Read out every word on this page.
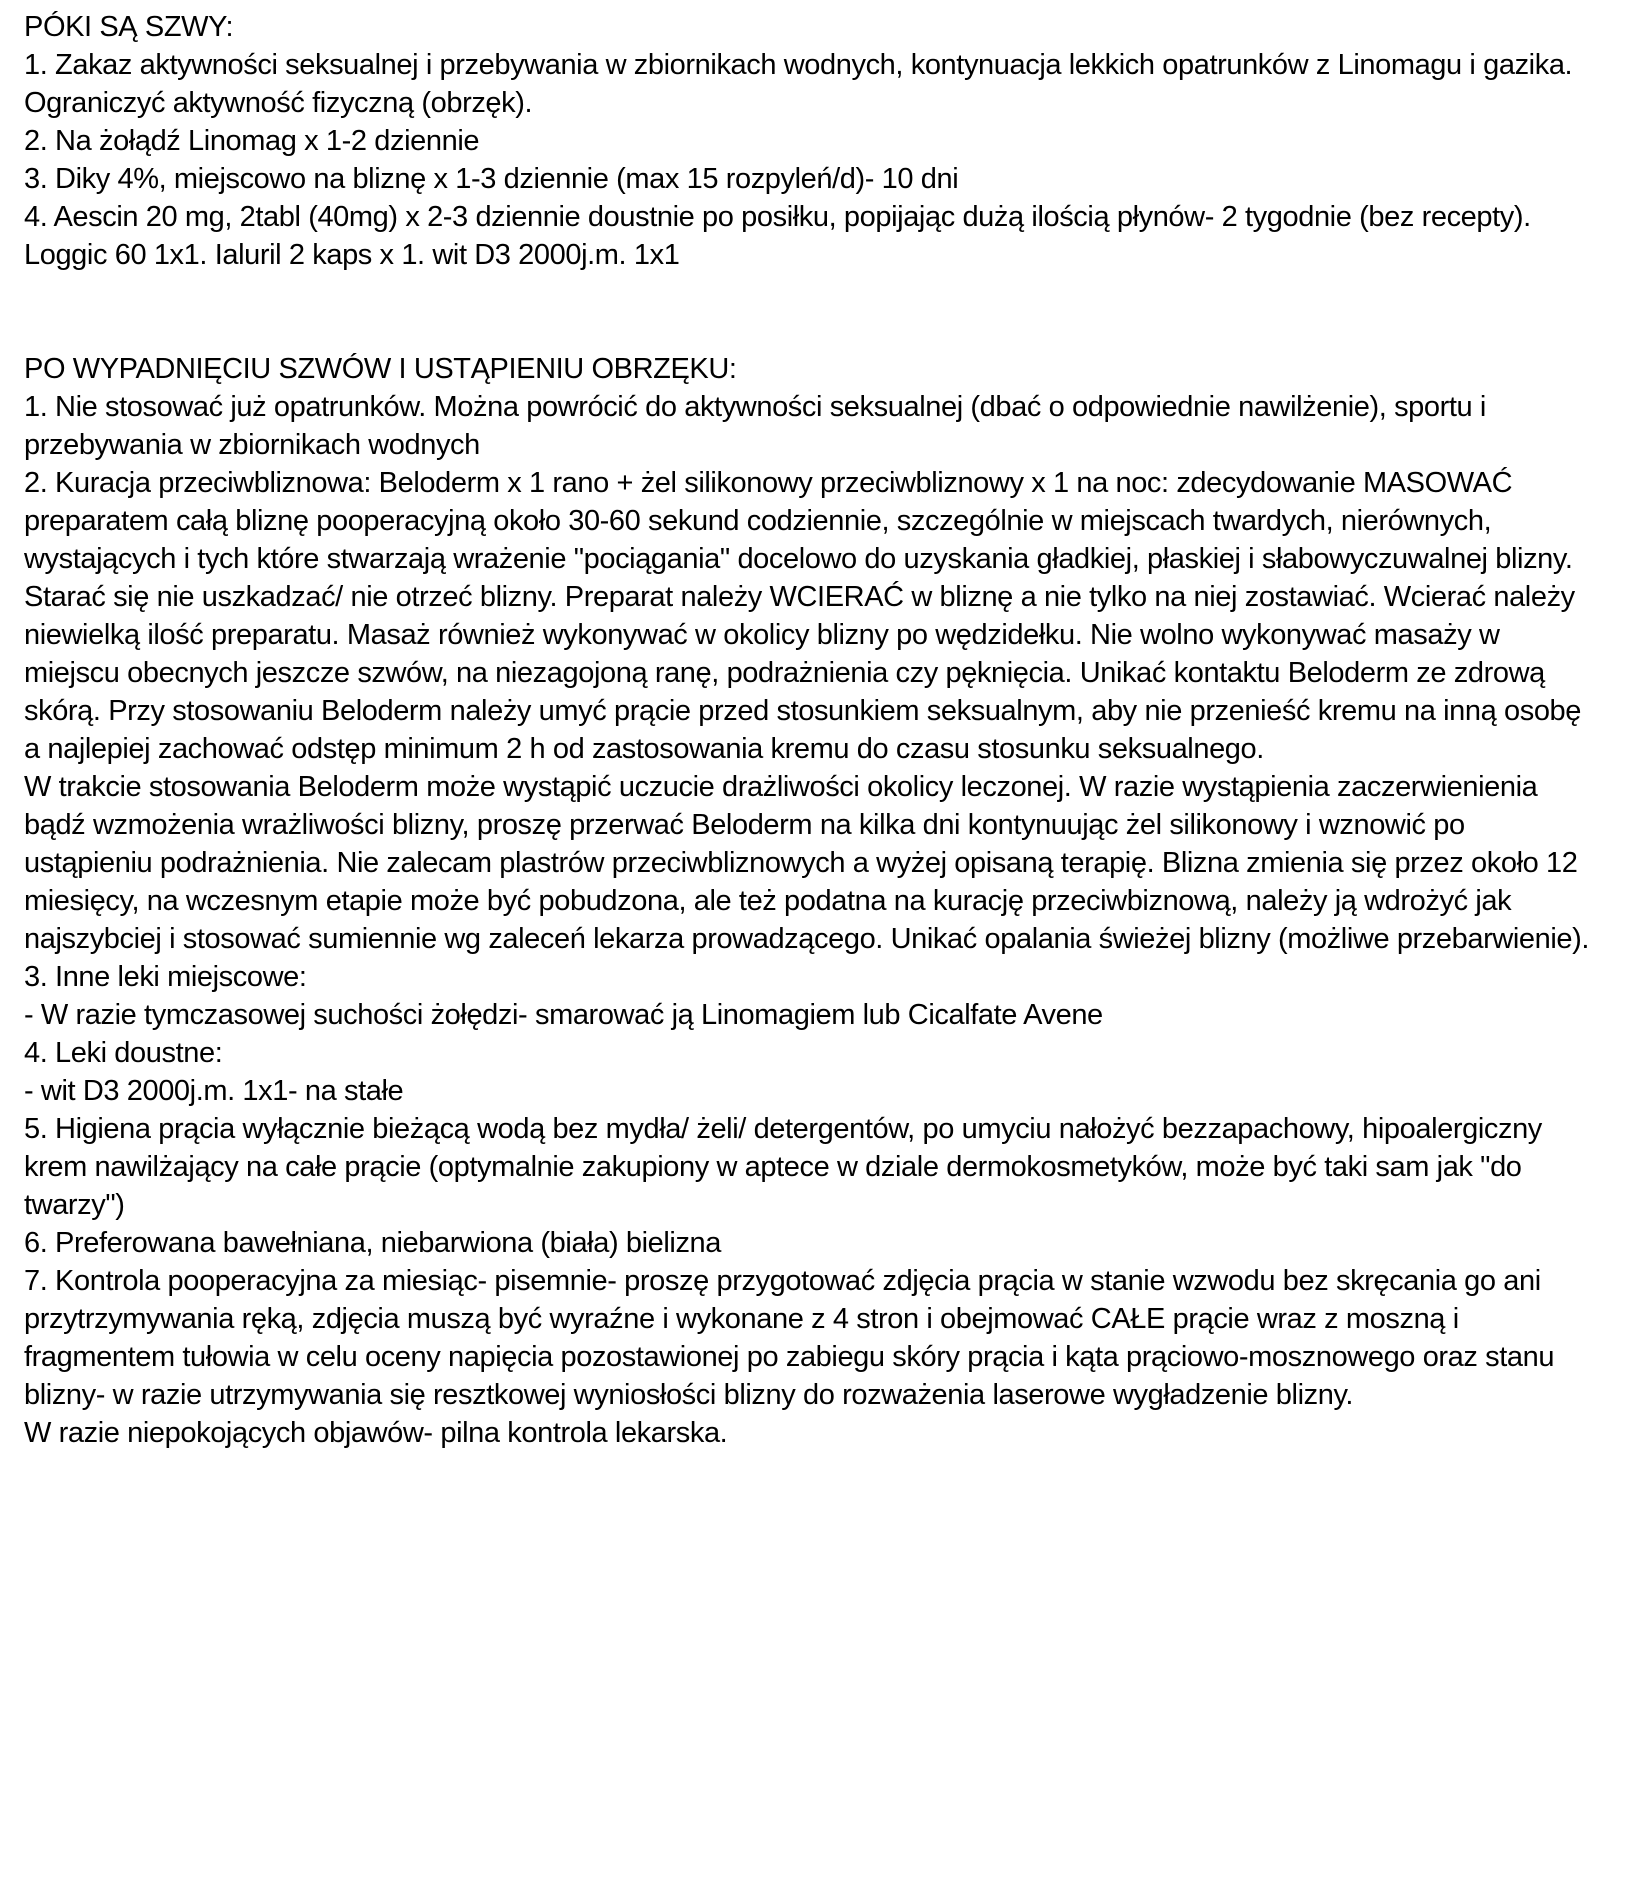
PÓKI SĄ SZWY:
1. Zakaz aktywności seksualnej i przebywania w zbiornikach wodnych, kontynuacja lekkich opatrunków z Linomagu i gazika.
Ograniczyć aktywność fizyczną (obrzęk).
2. Na żołądź Linomag x 1-2 dziennie
3. Diky 4%, miejscowo na bliznę x 1-3 dziennie (max 15 rozpyleń/d)- 10 dni
4. Aescin 20 mg, 2tabl (40mg) x 2-3 dziennie doustnie po posiłku, popijając dużą ilością płynów- 2 tygodnie (bez recepty).
Loggic 60 1x1. Ialuril 2 kaps x 1. wit D3 2000j.m. 1x1
PO WYPADNIĘCIU SZWÓW I USTĄPIENIU OBRZĘKU:
1. Nie stosować już opatrunków. Można powrócić do aktywności seksualnej (dbać o odpowiednie nawilżenie), sportu i
przebywania w zbiornikach wodnych
2. Kuracja przeciwbliznowa: Beloderm x 1 rano + żel silikonowy przeciwbliznowy x 1 na noc: zdecydowanie MASOWAĆ
preparatem całą bliznę pooperacyjną około 30-60 sekund codziennie, szczególnie w miejscach twardych, nierównych,
wystających i tych które stwarzają wrażenie "pociągania" docelowo do uzyskania gładkiej, płaskiej i słabowyczuwalnej blizny.
Starać się nie uszkadzać/ nie otrzeć blizny. Preparat należy WCIERAĆ w bliznę a nie tylko na niej zostawiać. Wcierać należy
niewielką ilość preparatu. Masaż również wykonywać w okolicy blizny po wędzidełku. Nie wolno wykonywać masaży w
miejscu obecnych jeszcze szwów, na niezagojoną ranę, podrażnienia czy pęknięcia. Unikać kontaktu Beloderm ze zdrową
skórą. Przy stosowaniu Beloderm należy umyć prącie przed stosunkiem seksualnym, aby nie przenieść kremu na inną osobę
a najlepiej zachować odstęp minimum 2 h od zastosowania kremu do czasu stosunku seksualnego.
W trakcie stosowania Beloderm może wystąpić uczucie drażliwości okolicy leczonej. W razie wystąpienia zaczerwienienia
bądź wzmożenia wrażliwości blizny, proszę przerwać Beloderm na kilka dni kontynuując żel silikonowy i wznowić po
ustąpieniu podrażnienia. Nie zalecam plastrów przeciwbliznowych a wyżej opisaną terapię. Blizna zmienia się przez około 12
miesięcy, na wczesnym etapie może być pobudzona, ale też podatna na kurację przeciwbiznową, należy ją wdrożyć jak
najszybciej i stosować sumiennie wg zaleceń lekarza prowadzącego. Unikać opalania świeżej blizny (możliwe przebarwienie).
3. Inne leki miejscowe:
- W razie tymczasowej suchości żołędzi- smarować ją Linomagiem lub Cicalfate Avene
4. Leki doustne:
- wit D3 2000j.m. 1x1- na stałe
5. Higiena prącia wyłącznie bieżącą wodą bez mydła/ żeli/ detergentów, po umyciu nałożyć bezzapachowy, hipoalergiczny
krem nawilżający na całe prącie (optymalnie zakupiony w aptece w dziale dermokosmetyków, może być taki sam jak "do
twarzy")
6. Preferowana bawełniana, niebarwiona (biała) bielizna
7. Kontrola pooperacyjna za miesiąc- pisemnie- proszę przygotować zdjęcia prącia w stanie wzwodu bez skręcania go ani
przytrzymywania ręką, zdjęcia muszą być wyraźne i wykonane z 4 stron i obejmować CAŁE prącie wraz z moszną i
fragmentem tułowia w celu oceny napięcia pozostawionej po zabiegu skóry prącia i kąta prąciowo-mosznowego oraz stanu
blizny- w razie utrzymywania się resztkowej wyniosłości blizny do rozważenia laserowe wygładzenie blizny.
W razie niepokojących objawów- pilna kontrola lekarska.
